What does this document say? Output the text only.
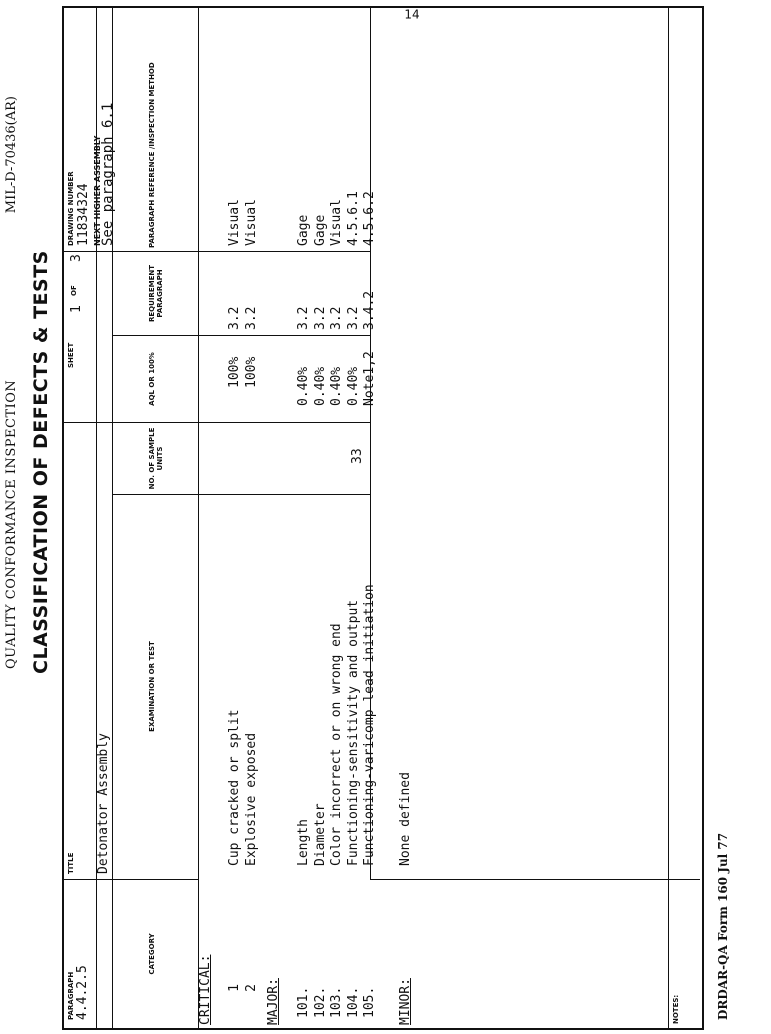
QUALITY CONFORMANCE INSPECTION
MIL-D-70436(AR)
CLASSIFICATION OF DEFECTS & TESTS
PARAGRAPH 4.4.2.5
TITLE Detonator Assembly
SHEET
1
OF
3
DRAWING NUMBER 11834324 NEXT HIGHER ASSEMBLY
See paragraph 6.1
CATEGORY
EXAMINATION OR TEST
NO. OF SAMPLE UNITS
AQL OR 100%
REQUIREMENT PARAGRAPH
PARAGRAPH REFERENCE /INSPECTION METHOD
CRITICAL: 1 2
Cup cracked or split Explosive exposed
100% 100%
3.2 3.2
Visual Visual
MAJOR: 101. 102. 103. 104. 105.
Length Diameter Color incorrect or on wrong end Functioning-sensitivity and output Functioning-varicomp lead initiation
33
0.40% 0.40% 0.40% 0.40% Note1,2
3.2 3.2 3.2 3.2 3.4.2
Gage Gage Visual 4.5.6.1 4.5.6.2
MINOR:
None defined
NOTES:
14
DRDAR-QA Form 160 Jul 77
